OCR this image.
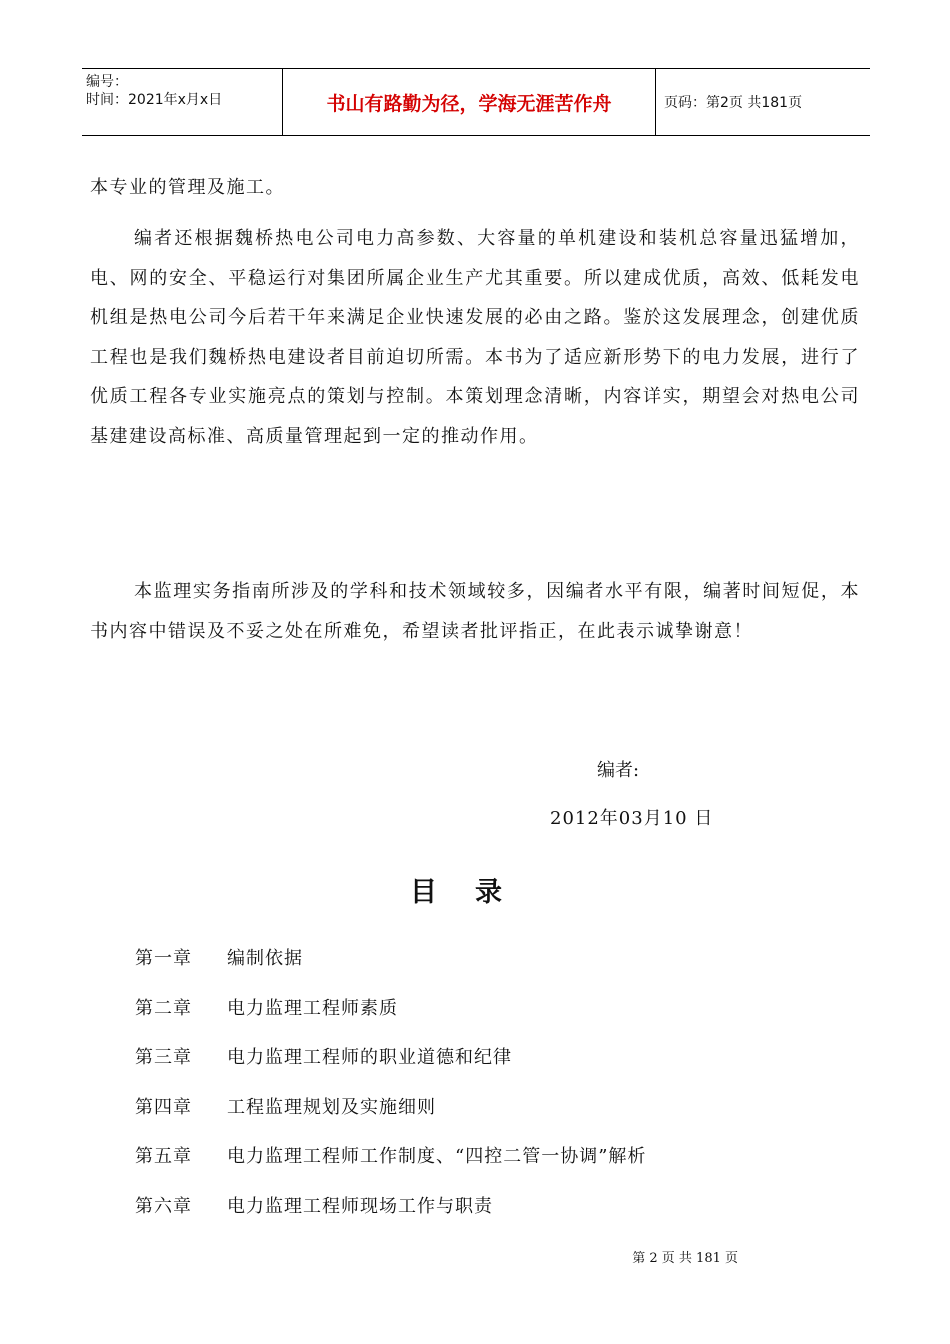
编号：
时间：2021年x月x日	书山有路勤为径，学海无涯苦作舟	页码：第2页 共181页

本专业的管理及施工。

编者还根据魏桥热电公司电力高参数、大容量的单机建设和装机总容量迅猛增加，电、网的安全、平稳运行对集团所属企业生产尤其重要。所以建成优质，高效、低耗发电机组是热电公司今后若干年来满足企业快速发展的必由之路。鉴於这发展理念，创建优质工程也是我们魏桥热电建设者目前迫切所需。本书为了适应新形势下的电力发展，进行了优质工程各专业实施亮点的策划与控制。本策划理念清晰，内容详实，期望会对热电公司基建建设高标准、高质量管理起到一定的推动作用。

本监理实务指南所涉及的学科和技术领域较多，因编者水平有限，编著时间短促，本书内容中错误及不妥之处在所难免，希望读者批评指正，在此表示诚挚谢意！

编者:
2012年03月10 日
目录
第一章	编制依据
第二章	电力监理工程师素质
第三章	电力监理工程师的职业道德和纪律
第四章	工程监理规划及实施细则
第五章	电力监理工程师工作制度、“四控二管一协调”解析
第六章	电力监理工程师现场工作与职责
第 2 页 共 181 页
